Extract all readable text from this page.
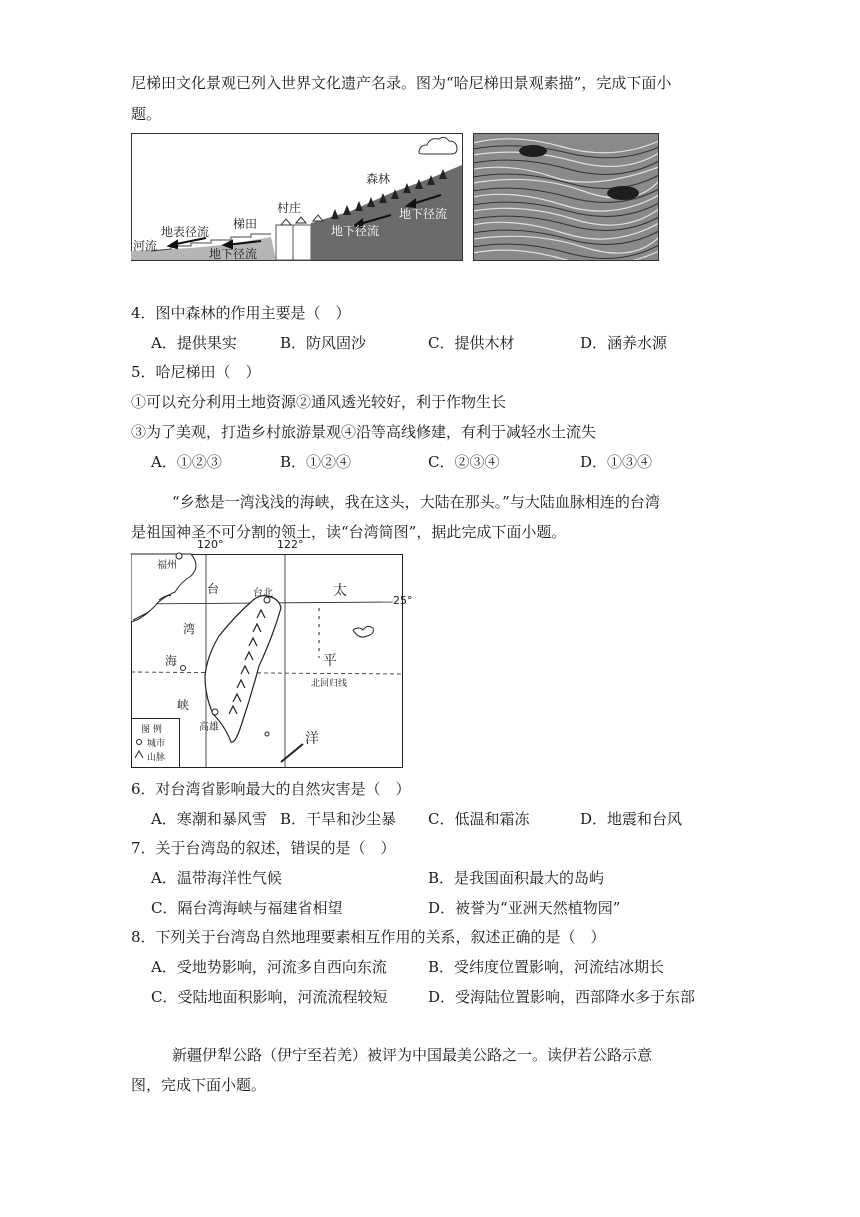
尼梯田文化景观已列入世界文化遗产名录。图为“哈尼梯田景观素描”，完成下面小
题。
森林
村庄
梯田
地表径流
河流
地下径流
地下径流
地下径流
4．图中森林的作用主要是（　）
A．提供果实	B．防风固沙	C．提供木材	D．涵养水源
5．哈尼梯田（　）
①可以充分利用土地资源②通风透光较好，利于作物生长
③为了美观，打造乡村旅游景观④沿等高线修建，有利于减轻水土流失
A．①②③	B．①②④	C．②③④	D．①③④
“乡愁是一湾浅浅的海峡，我在这头，大陆在那头。”与大陆血脉相连的台湾
是祖国神圣不可分割的领土，读“台湾简图”，据此完成下面小题。
120°	122°
25°
福州
台北
高雄
台
湾
海
峡
太
平
洋
北回归线
图 例
城市
山脉
6．对台湾省影响最大的自然灾害是（　）
A．寒潮和暴风雪 B．干旱和沙尘暴 C．低温和霜冻	D．地震和台风
7．关于台湾岛的叙述，错误的是（　）
A．温带海洋性气候	B．是我国面积最大的岛屿
C．隔台湾海峡与福建省相望	D．被誉为“亚洲天然植物园”
8．下列关于台湾岛自然地理要素相互作用的关系，叙述正确的是（　）
A．受地势影响，河流多自西向东流	B．受纬度位置影响，河流结冰期长
C．受陆地面积影响，河流流程较短	D．受海陆位置影响，西部降水多于东部
新疆伊犁公路（伊宁至若羌）被评为中国最美公路之一。读伊若公路示意
图，完成下面小题。
